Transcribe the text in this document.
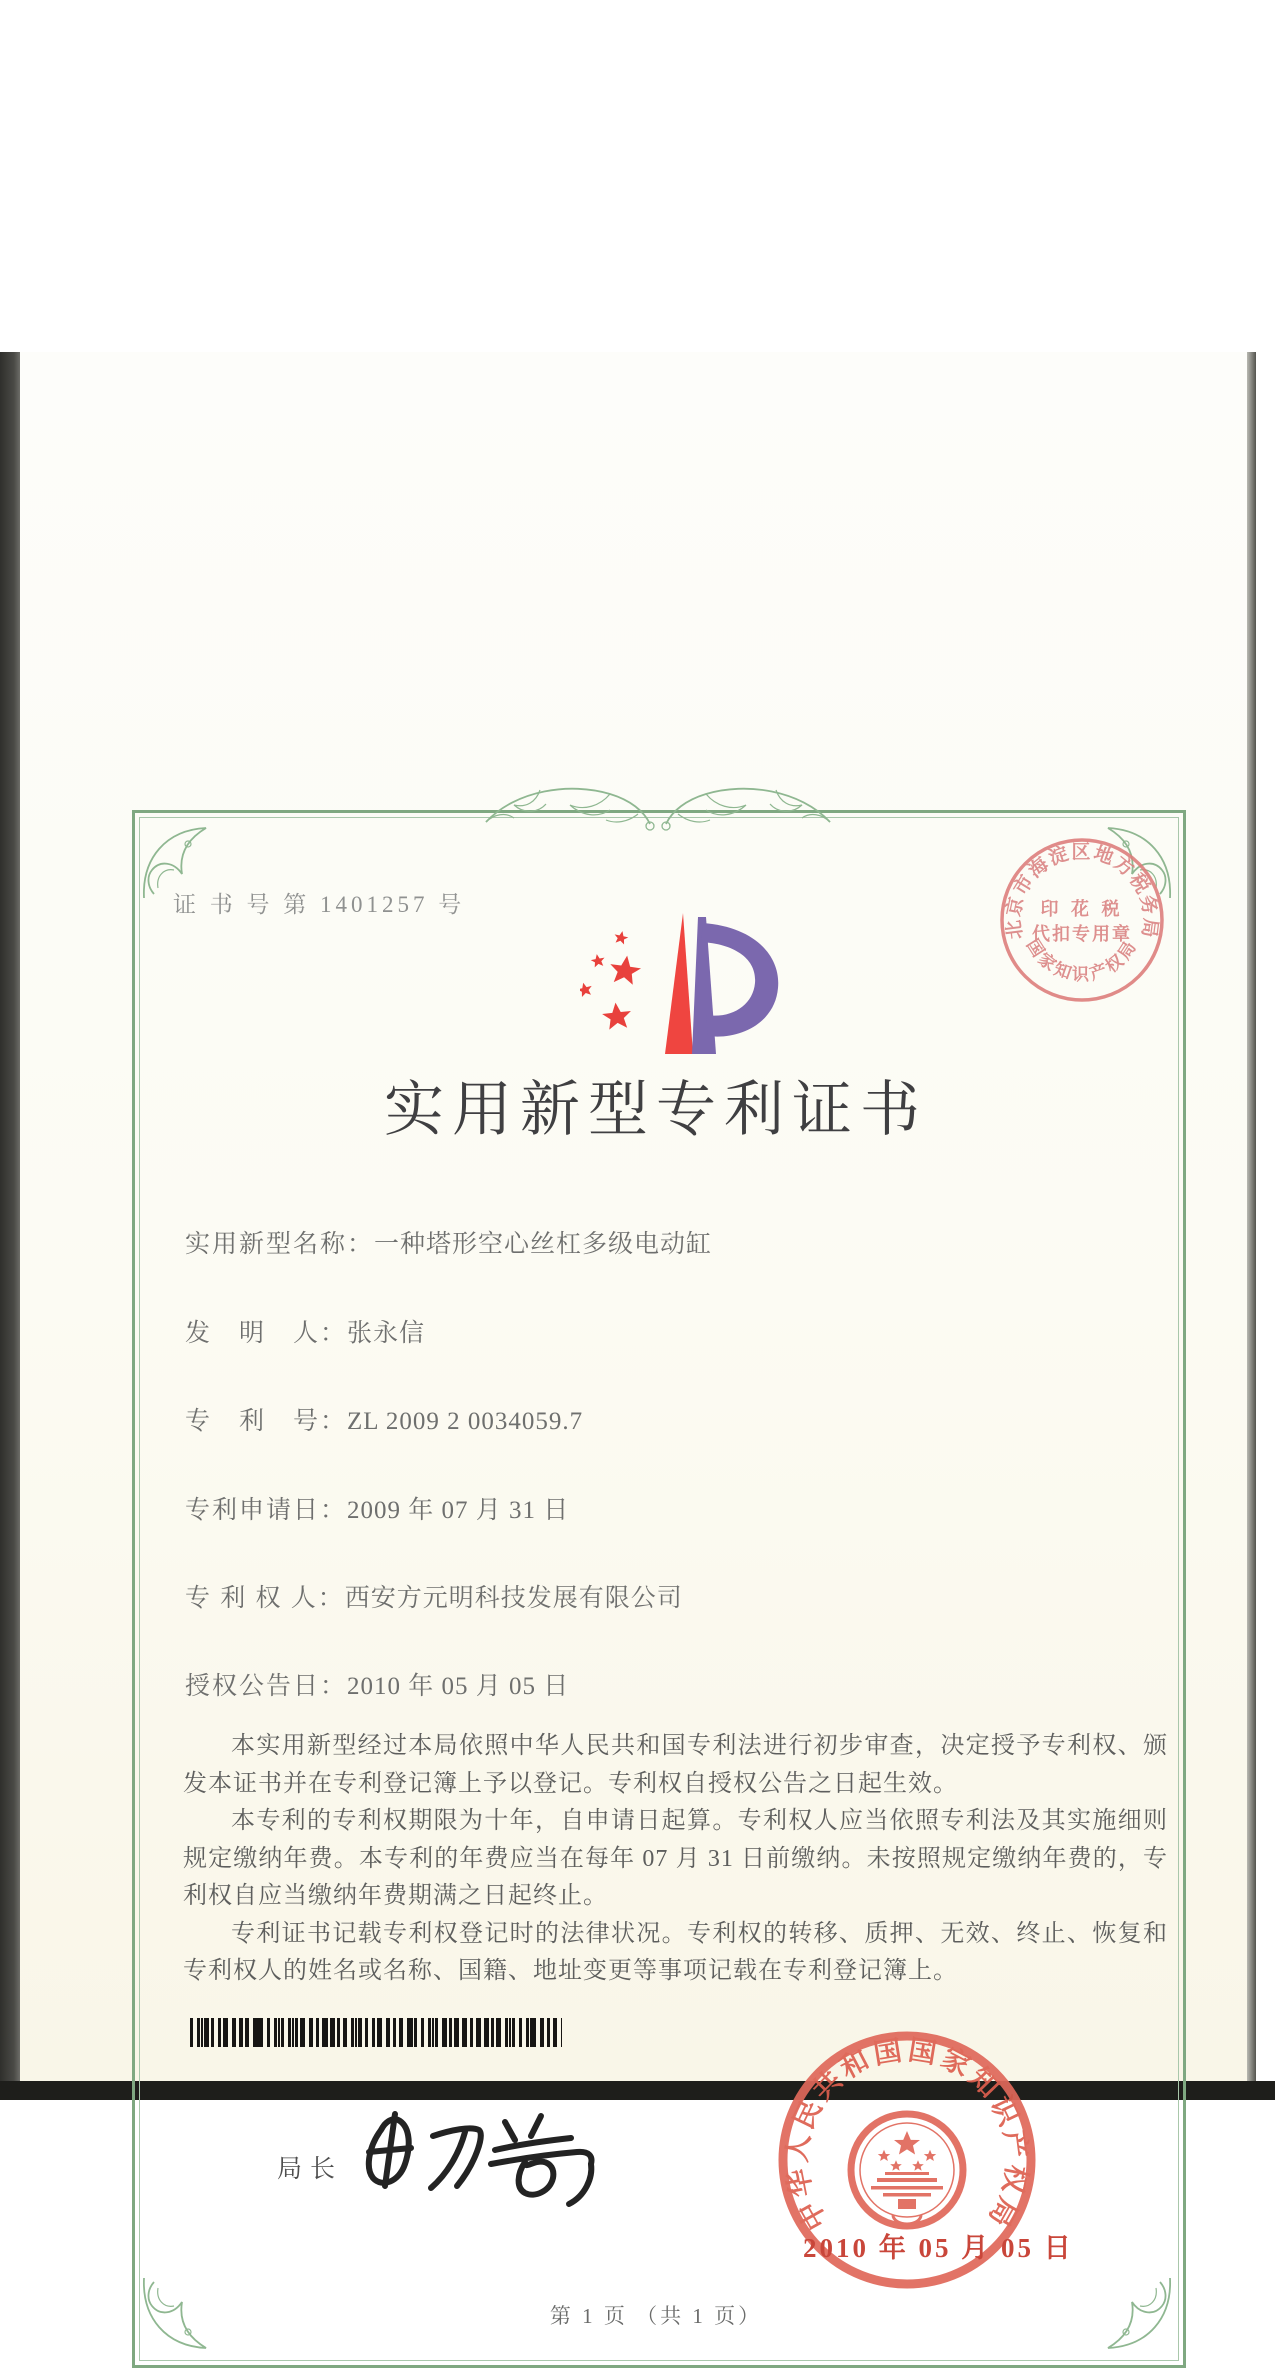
证 书 号 第 1401257 号
北京市海淀区地方税务局
国家知识产权局
印 花 税
代扣专用章
实用新型专利证书
实用新型名称：一种塔形空心丝杠多级电动缸
发　明　人：张永信
专　利　号：ZL 2009 2 0034059.7
专利申请日：2009 年 07 月 31 日
专 利 权 人：西安方元明科技发展有限公司
授权公告日：2010 年 05 月 05 日

本实用新型经过本局依照中华人民共和国专利法进行初步审查，决定授予专利权、颁发本证书并在专利登记簿上予以登记。专利权自授权公告之日起生效。

本专利的专利权期限为十年，自申请日起算。专利权人应当依照专利法及其实施细则规定缴纳年费。本专利的年费应当在每年 07 月 31 日前缴纳。未按照规定缴纳年费的，专利权自应当缴纳年费期满之日起终止。

专利证书记载专利权登记时的法律状况。专利权的转移、质押、无效、终止、恢复和专利权人的姓名或名称、国籍、地址变更等事项记载在专利登记簿上。

局长
中华人民共和国国家知识产权局
2010 年 05 月 05 日
第 1 页 （共 1 页）
